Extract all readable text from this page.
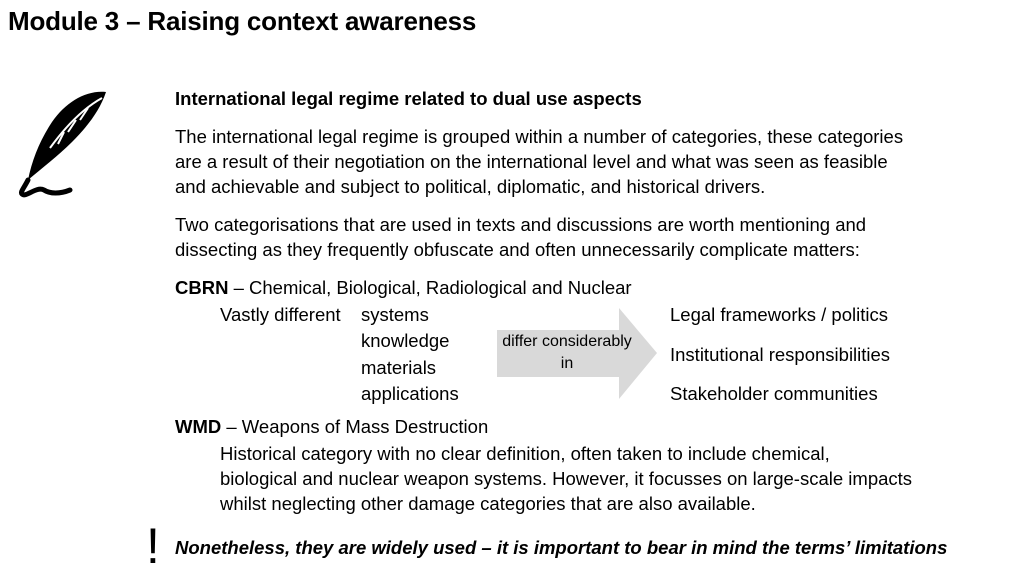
Module 3 – Raising context awareness
International legal regime related to dual use aspects
The international legal regime is grouped within a number of categories, these categories
are a result of their negotiation on the international level and what was seen as feasible
and achievable and subject to political, diplomatic, and historical drivers.
Two categorisations that are used in texts and discussions are worth mentioning and
dissecting as they frequently obfuscate and often unnecessarily complicate matters:
CBRN – Chemical, Biological, Radiological and Nuclear
Vastly different systems
knowledge
materials
applications
differ considerably in
Legal frameworks / politics
Institutional responsibilities
Stakeholder communities
WMD – Weapons of Mass Destruction
Historical category with no clear definition, often taken to include chemical,
biological and nuclear weapon systems. However, it focusses on large-scale impacts
whilst neglecting other damage categories that are also available.
! Nonetheless, they are widely used – it is important to bear in mind the terms’ limitations
